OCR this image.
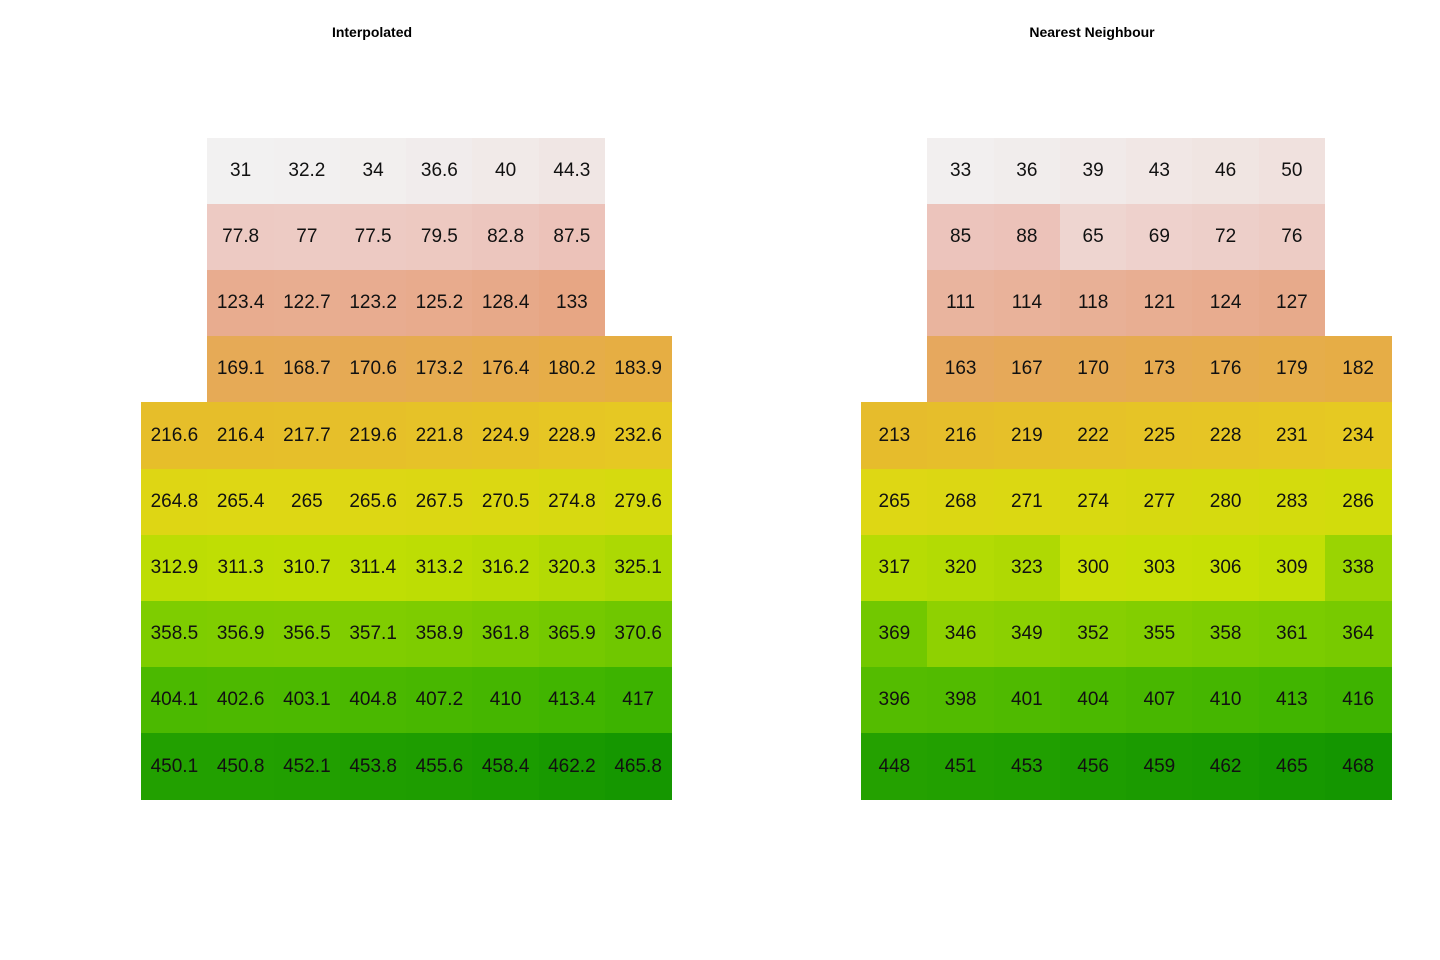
Interpolated
31	32.2	34	36.6	40	44.3
77.8	77	77.5	79.5	82.8	87.5
123.4 122.7 123.2 125.2 128.4	133
169.1 168.7 170.6 173.2 176.4 180.2 183.9
216.6 216.4 217.7 219.6 221.8 224.9 228.9 232.6
264.8 265.4	265	265.6 267.5 270.5 274.8 279.6
312.9	311.3	310.7	311.4	313.2 316.2 320.3 325.1
358.5 356.9 356.5 357.1 358.9 361.8 365.9 370.6
404.1 402.6 403.1 404.8 407.2	410	413.4	417
450.1 450.8 452.1 453.8 455.6 458.4 462.2 465.8
Nearest Neighbour
33	36	39	43	46	50
85	88	65	69	72	76
111	114	118	121	124	127
163	167	170	173	176	179	182
213	216	219	222	225	228	231	234
265	268	271	274	277	280	283	286
317	320	323	300	303	306	309	338
369	346	349	352	355	358	361	364
396	398	401	404	407	410	413	416
448	451	453	456	459	462	465	468
